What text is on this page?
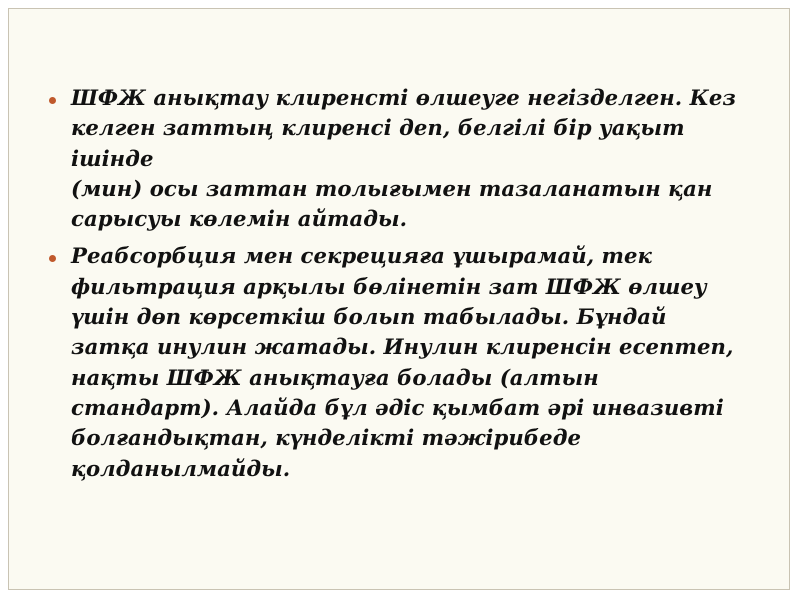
ШФЖ анықтау клиренсті өлшеуге негізделген. Кез
келген заттың клиренсі деп, белгілі бір уақыт ішінде
(мин) осы заттан толығымен тазаланатын қан
сарысуы көлемін айтады.
Реабсорбция мен секрецияға ұшырамай, тек
фильтрация арқылы бөлінетін зат ШФЖ өлшеу
үшін дөп көрсеткіш болып табылады. Бұндай
затқа инулин жатады. Инулин клиренсін есептеп,
нақты ШФЖ анықтауға болады (алтын
стандарт). Алайда бұл әдіс қымбат әрі инвазивті
болғандықтан, күнделікті тәжірибеде
қолданылмайды.
